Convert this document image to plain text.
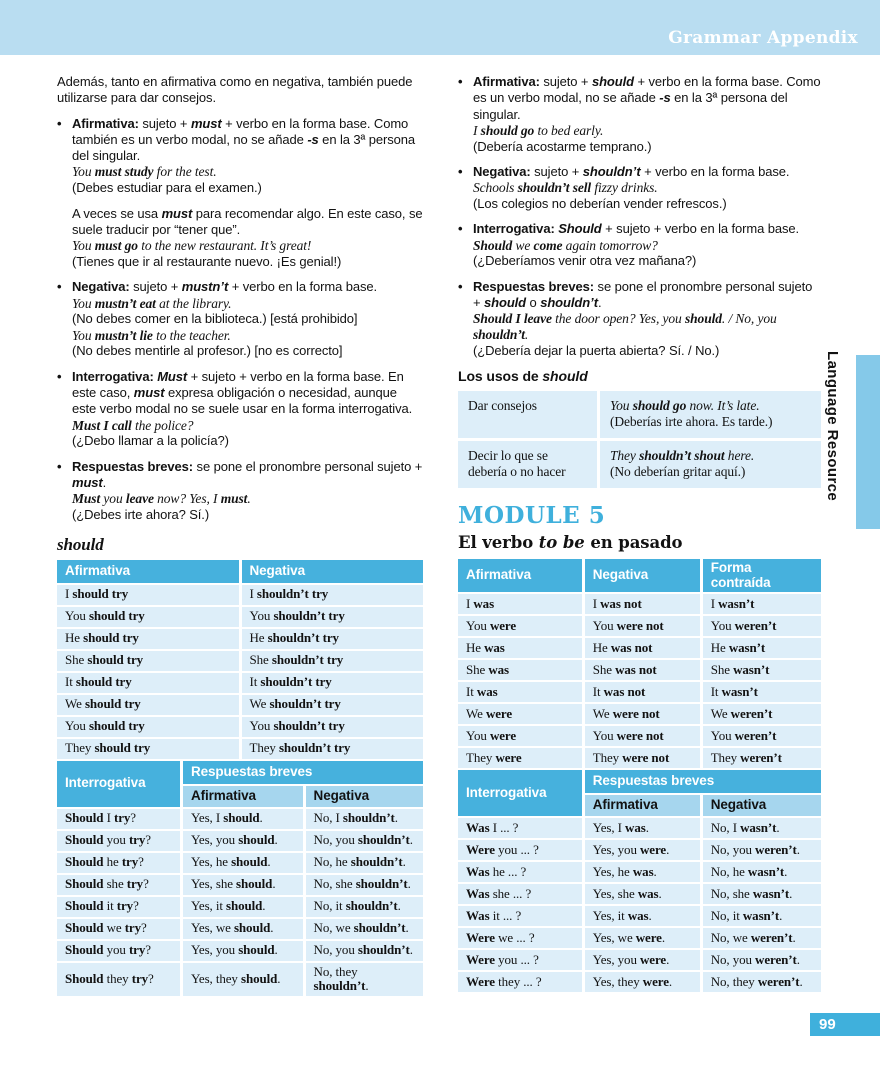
Grammar Appendix
Además, tanto en afirmativa como en negativa, también puede utilizarse para dar consejos.
• Afirmativa: sujeto + must + verbo en la forma base. Como también es un verbo modal, no se añade -s en la 3ª persona del singular.
You must study for the test.
(Debes estudiar para el examen.)
A veces se usa must para recomendar algo. En este caso, se suele traducir por “tener que”.
You must go to the new restaurant. It’s great!
(Tienes que ir al restaurante nuevo. ¡Es genial!)
• Negativa: sujeto + mustn’t + verbo en la forma base.
You mustn’t eat at the library.
(No debes comer en la biblioteca.) [está prohibido]
You mustn’t lie to the teacher.
(No debes mentirle al profesor.) [no es correcto]
• Interrogativa: Must + sujeto + verbo en la forma base. En este caso, must expresa obligación o necesidad, aunque este verbo modal no se suele usar en la forma interrogativa.
Must I call the police?
(¿Debo llamar a la policía?)
• Respuestas breves: se pone el pronombre personal sujeto + must.
Must you leave now? Yes, I must.
(¿Debes irte ahora? Sí.)
should
Afirmativa	Negativa
I should try	I shouldn’t try
You should try	You shouldn’t try
He should try	He shouldn’t try
She should try	She shouldn’t try
It should try	It shouldn’t try
We should try	We shouldn’t try
You should try	You shouldn’t try
They should try	They shouldn’t try
Interrogativa	Respuestas breves	
	Afirmativa	Negativa
Should I try?	Yes, I should.	No, I shouldn’t.
Should you try?	Yes, you should.	No, you shouldn’t.
Should he try?	Yes, he should.	No, he shouldn’t.
Should she try?	Yes, she should.	No, she shouldn’t.
Should it try?	Yes, it should.	No, it shouldn’t.
Should we try?	Yes, we should.	No, we shouldn’t.
Should you try?	Yes, you should.	No, you shouldn’t.
Should they try?	Yes, they should.	No, they shouldn’t.
• Afirmativa: sujeto + should + verbo en la forma base. Como es un verbo modal, no se añade -s en la 3ª persona del singular.
I should go to bed early.
(Debería acostarme temprano.)
• Negativa: sujeto + shouldn’t + verbo en la forma base.
Schools shouldn’t sell fizzy drinks.
(Los colegios no deberían vender refrescos.)
• Interrogativa: Should + sujeto + verbo en la forma base.
Should we come again tomorrow?
(¿Deberíamos venir otra vez mañana?)
• Respuestas breves: se pone el pronombre personal sujeto + should o shouldn’t.
Should I leave the door open? Yes, you should. / No, you shouldn’t.
(¿Debería dejar la puerta abierta? Sí. / No.)
Los usos de should
Dar consejos	You should go now. It’s late.
(Deberías irte ahora. Es tarde.)

Decir lo que se debería o no hacer	They shouldn’t shout here.
(No deberían gritar aquí.)
MODULE 5
El verbo to be en pasado
Afirmativa	Negativa	Forma contraída
I was	I was not	I wasn’t
You were	You were not	You weren’t
He was	He was not	He wasn’t
She was	She was not	She wasn’t
It was	It was not	It wasn’t
We were	We were not	We weren’t
You were	You were not	You weren’t
They were	They were not	They weren’t
Interrogativa	Respuestas breves	
	Afirmativa	Negativa
Was I ... ?	Yes, I was.	No, I wasn’t.
Were you ... ?	Yes, you were.	No, you weren’t.
Was he ... ?	Yes, he was.	No, he wasn’t.
Was she ... ?	Yes, she was.	No, she wasn’t.
Was it ... ?	Yes, it was.	No, it wasn’t.
Were we ... ?	Yes, we were.	No, we weren’t.
Were you ... ?	Yes, you were.	No, you weren’t.
Were they ... ?	Yes, they were.	No, they weren’t.
Language Resource
99
